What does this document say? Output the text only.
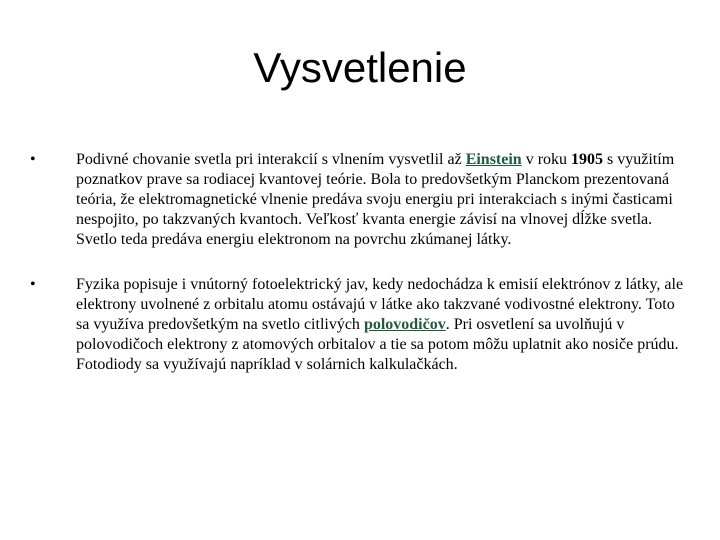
Vysvetlenie
•	Podivné chovanie svetla pri interakcií s vlnením vysvetlil až Einstein v roku 1905 s využitím poznatkov prave sa rodiacej kvantovej teórie. Bola to predovšetkým Planckom prezentovaná teória, že elektromagnetické vlnenie predáva svoju energiu pri interakciach s inými časticami nespojito, po takzvaných kvantoch. Veľkosť kvanta energie závisí na vlnovej dĺžke svetla. Svetlo teda predáva energiu elektronom na povrchu zkúmanej látky.
•	Fyzika popisuje i vnútorný fotoelektrický jav, kedy nedochádza k emisií elektrónov z látky, ale elektrony uvolnené z orbitalu atomu ostávajú v látke ako takzvané vodivostné elektrony. Toto sa využíva predovšetkým na svetlo citlivých polovodičov. Pri osvetlení sa uvolňujú v polovodičoch elektrony z atomových orbitalov a tie sa potom môžu uplatnit ako nosiče prúdu. Fotodiody sa využívajú napríklad v solárnich kalkulačkách.
